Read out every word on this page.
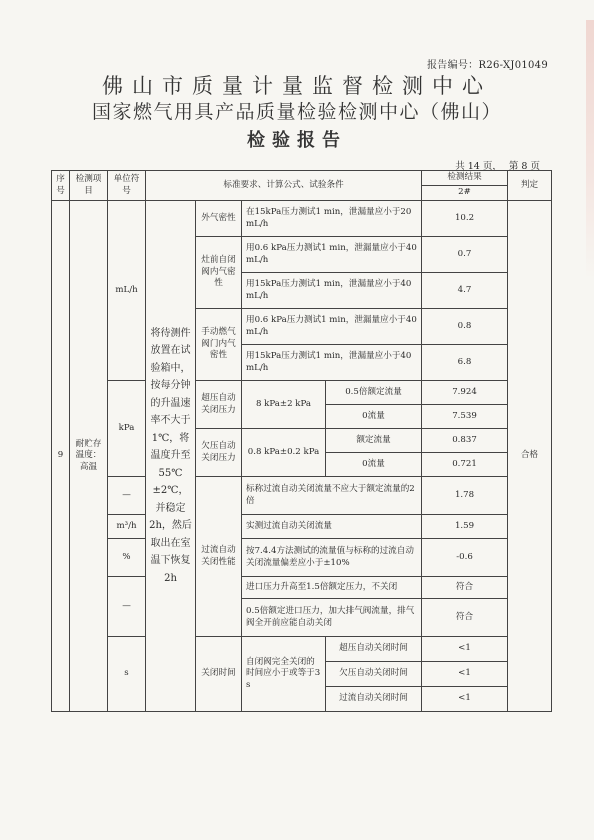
报告编号：R26-XJ01049
佛山市质量计量监督检测中心
国家燃气用具产品质量检验检测中心（佛山）
检验报告
共 14 页， 第 8 页
序号	检测项目	单位符号	标准要求、计算公式、试验条件				检测结果	判定
							2#	
9	耐贮存温度：高温	mL/h	将待测件放置在试验箱中，按每分钟的升温速率不大于1℃，将温度升至55℃±2℃，并稳定2h，然后取出在室温下恢复2h	外气密性	在15kPa压力测试1 min，泄漏量应小于20 mL/h		10.2	合格
				灶前自闭阀内气密性	用0.6 kPa压力测试1 min，泄漏量应小于40 mL/h		0.7	
					用15kPa压力测试1 min，泄漏量应小于40 mL/h		4.7	
				手动燃气阀门内气密性	用0.6 kPa压力测试1 min，泄漏量应小于40 mL/h		0.8	
					用15kPa压力测试1 min，泄漏量应小于40 mL/h		6.8	
		kPa		超压自动关闭压力	8 kPa±2 kPa	0.5倍额定流量	7.924	
						0流量	7.539	
				欠压自动关闭压力	0.8 kPa±0.2 kPa	额定流量	0.837	
						0流量	0.721	
		—		过流自动关闭性能	标称过流自动关闭流量不应大于额定流量的2倍		1.78	
		m³/h			实测过流自动关闭流量		1.59	
		%			按7.4.4方法测试的流量值与标称的过流自动关闭流量偏差应小于±10%		-0.6	
		—			进口压力升高至1.5倍额定压力，不关闭		符合	
					0.5倍额定进口压力，加大排气阀流量，排气阀全开前应能自动关闭		符合	
		s		关闭时间	自闭阀完全关闭的时间应小于或等于3 s	超压自动关闭时间	<1	
						欠压自动关闭时间	<1	
						过流自动关闭时间	<1	
